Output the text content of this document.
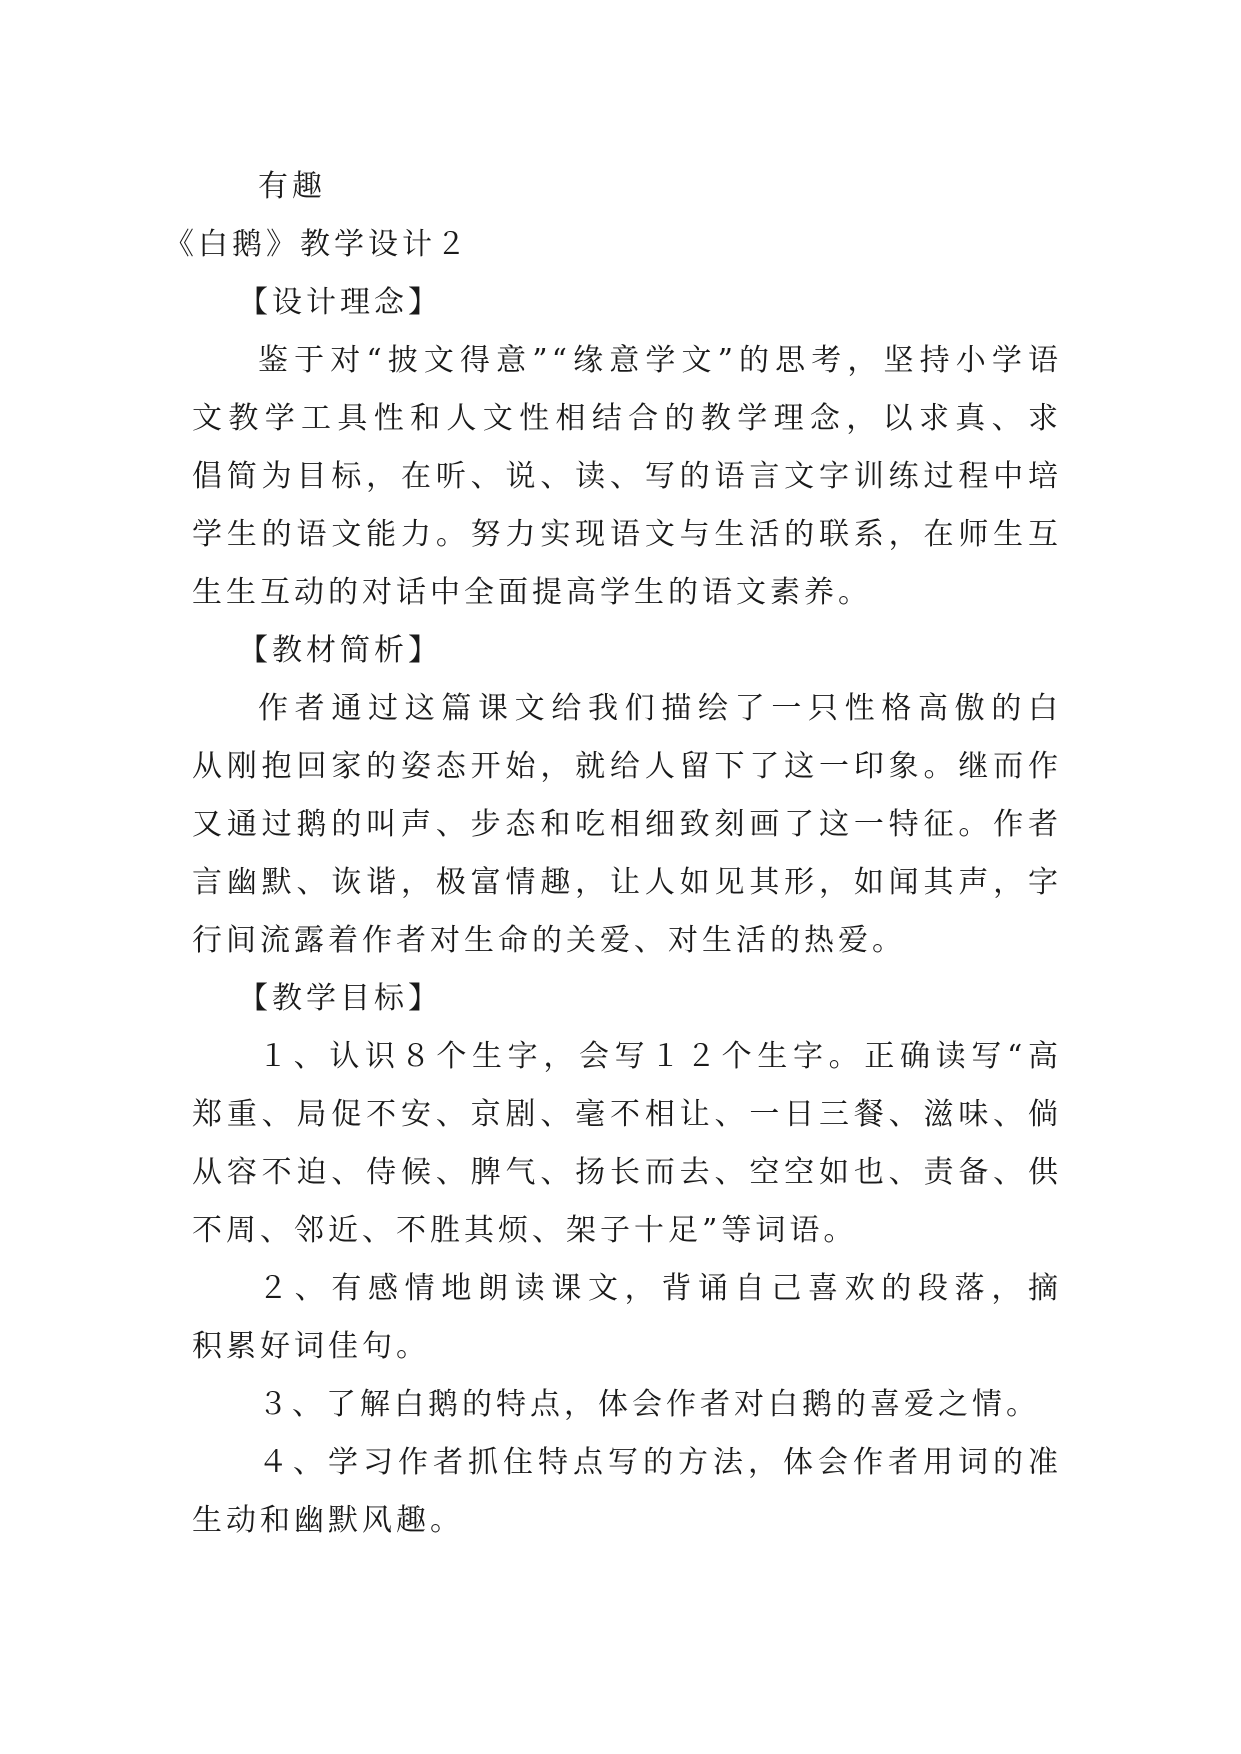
有趣
《白鹅》教学设计２
【设计理念】
鉴于对“披文得意”“缘意学文”的思考，坚持小学语
文教学工具性和人文性相结合的教学理念，以求真、求
倡简为目标，在听、说、读、写的语言文字训练过程中培
学生的语文能力。努力实现语文与生活的联系，在师生互
生生互动的对话中全面提高学生的语文素养。
【教材简析】
作者通过这篇课文给我们描绘了一只性格高傲的白
从刚抱回家的姿态开始，就给人留下了这一印象。继而作
又通过鹅的叫声、步态和吃相细致刻画了这一特征。作者
言幽默、诙谐，极富情趣，让人如见其形，如闻其声，字
行间流露着作者对生命的关爱、对生活的热爱。
【教学目标】
１、认识８个生字，会写１２个生字。正确读写“高
郑重、局促不安、京剧、毫不相让、一日三餐、滋味、倘
从容不迫、侍候、脾气、扬长而去、空空如也、责备、供
不周、邻近、不胜其烦、架子十足”等词语。
２、有感情地朗读课文，背诵自己喜欢的段落，摘
积累好词佳句。
３、了解白鹅的特点，体会作者对白鹅的喜爱之情。
４、学习作者抓住特点写的方法，体会作者用词的准
生动和幽默风趣。
